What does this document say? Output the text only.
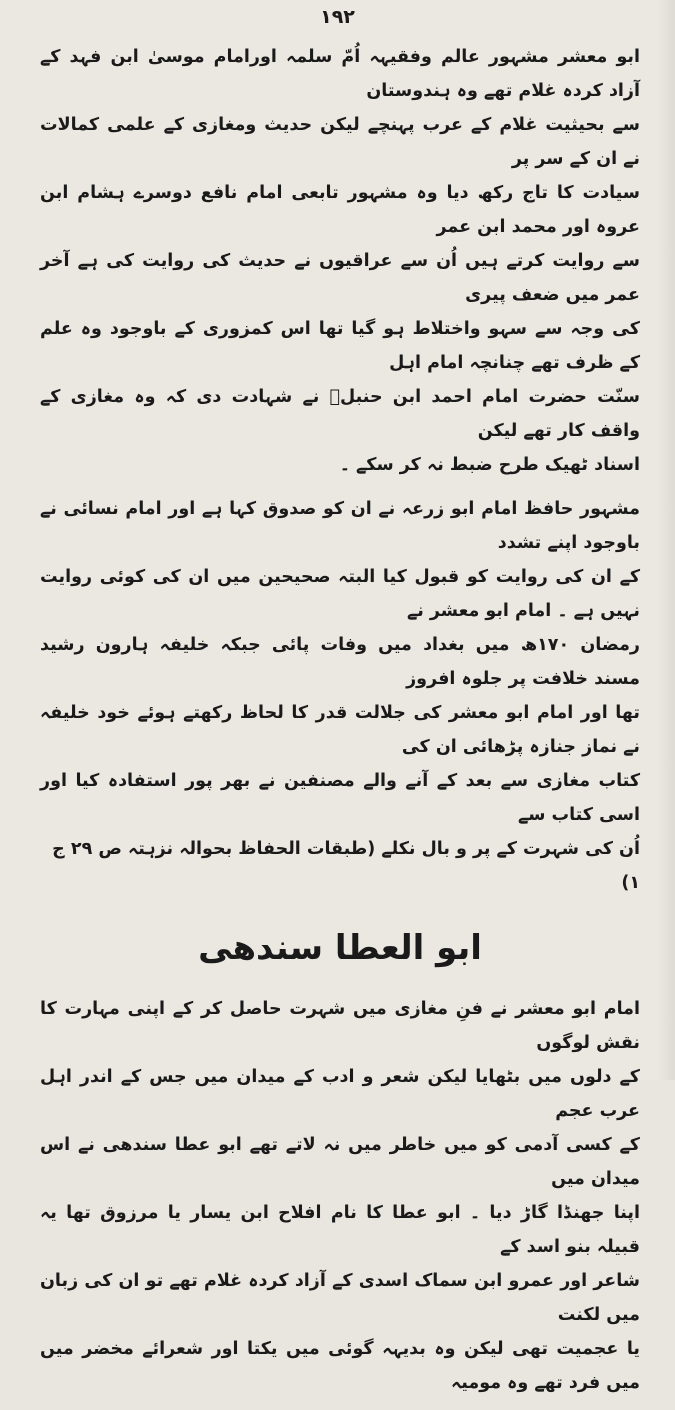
١٩٢

ابو معشر مشہور عالم وفقیہہ اُمّ سلمہ اورامام موسیٰ ابن فہد کے آزاد کردہ غلام تھے وہ ہندوستان
سے بحیثیت غلام کے عرب پہنچے لیکن حدیث ومغازی کے علمی کمالات نے ان کے سر پر
سیادت کا تاج رکھ دیا وہ مشہور تابعی امام نافع دوسرے ہشام ابن عروہ اور محمد ابن عمر
سے روایت کرتے ہیں اُن سے عراقیوں نے حدیث کی روایت کی ہے آخر عمر میں ضعف پیری
کی وجہ سے سہو واختلاط ہو گیا تھا اس کمزوری کے باوجود وہ علم کے ظرف تھے چنانچہ امام اہل
سنّت حضرت امام احمد ابن حنبلؒ نے شہادت دی کہ وہ مغازی کے واقف کار تھے لیکن
اسناد ٹھیک طرح ضبط نہ کر سکے ۔

مشہور حافظ امام ابو زرعہ نے ان کو صدوق کہا ہے اور امام نسائی نے باوجود اپنے تشدد
کے ان کی روایت کو قبول کیا البتہ صحیحین میں ان کی کوئی روایت نہیں ہے ۔ امام ابو معشر نے
رمضان ۱۷۰ھ میں بغداد میں وفات پائی جبکہ خلیفہ ہارون رشید مسند خلافت پر جلوہ افروز
تھا اور امام ابو معشر کی جلالت قدر کا لحاظ رکھتے ہوئے خود خلیفہ نے نماز جنازہ پڑھائی ان کی
کتاب مغازی سے بعد کے آنے والے مصنفین نے بھر پور استفادہ کیا اور اسی کتاب سے
اُن کی شہرت کے پر و بال نکلے (طبقات الحفاظ بحوالہ نزہتہ ص ۲۹ ج ۱)

ابو العطا سندھی

امام ابو معشر نے فنِ مغازی میں شہرت حاصل کر کے اپنی مہارت کا نقش لوگوں
کے دلوں میں بٹھایا لیکن شعر و ادب کے میدان میں جس کے اندر اہل عرب عجم
کے کسی آدمی کو میں خاطر میں نہ لاتے تھے ابو عطا سندھی نے اس میدان میں
اپنا جھنڈا گاڑ دیا ۔ ابو عطا کا نام افلاح ابن یسار یا مرزوق تھا یہ قبیلہ بنو اسد کے
شاعر اور عمرو ابن سماک اسدی کے آزاد کردہ غلام تھے تو ان کی زبان میں لکنت
یا عجمیت تھی لیکن وہ بدیہہ گوئی میں یکتا اور شعرائے مخضر میں میں فرد تھے وہ مومیہ
